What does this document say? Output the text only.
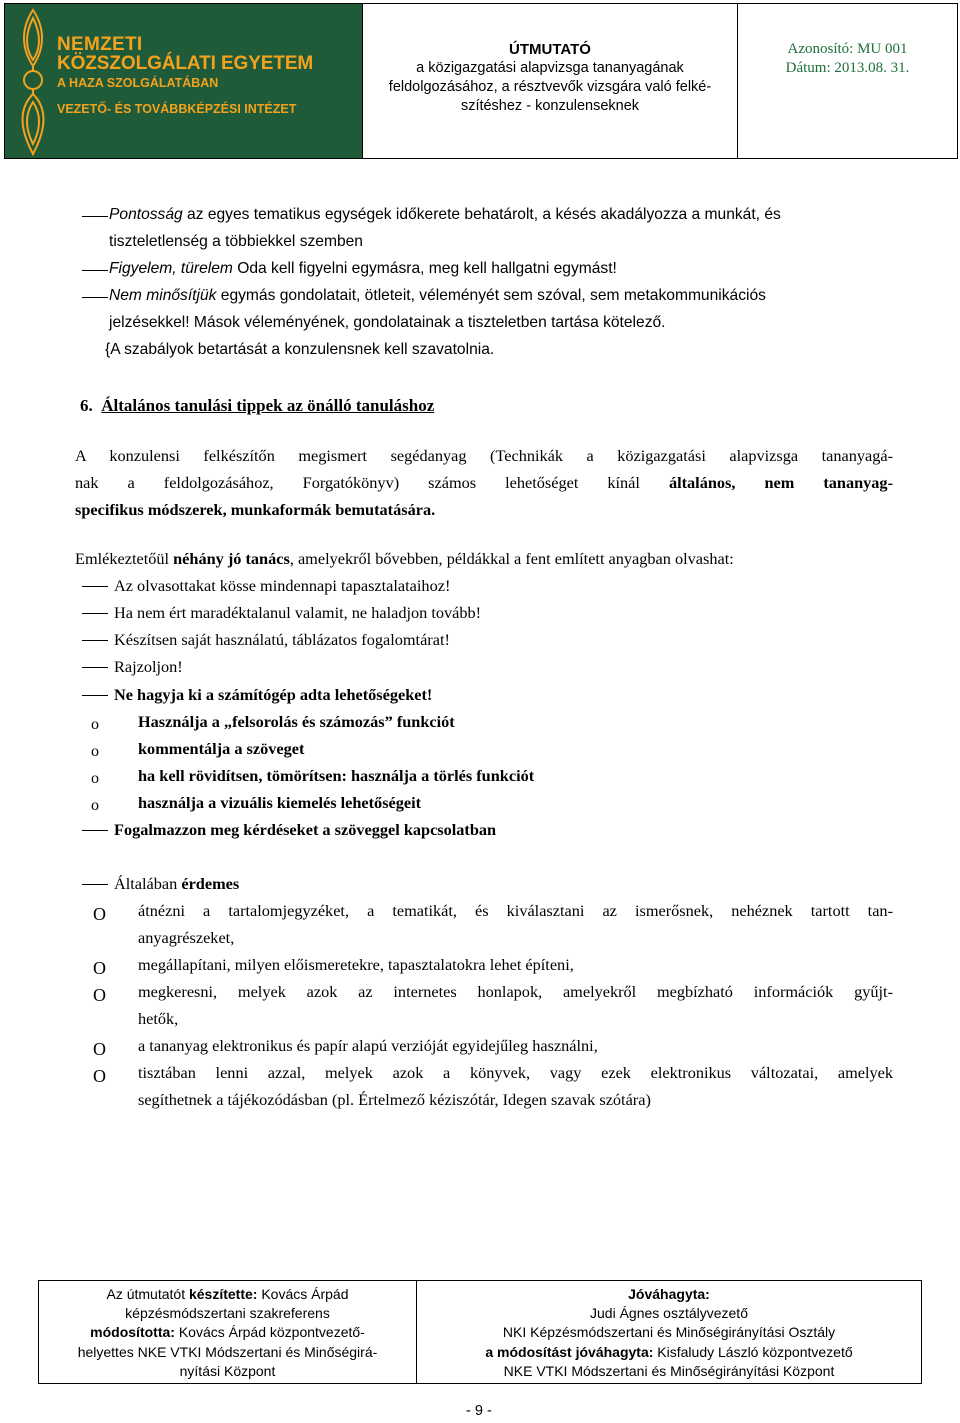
NEMZETI
KÖZSZOLGÁLATI EGYETEM
A HAZA SZOLGÁLATÁBAN
VEZETŐ- ÉS TOVÁBBKÉPZÉSI INTÉZET
ÚTMUTATÓ
a közigazgatási alapvizsga tananyagának
feldolgozásához, a résztvevők vizsgára való felké-
szítéshez - konzulenseknek
Azonosító: MU 001
Dátum: 2013.08. 31.
Pontosság az egyes tematikus egységek időkerete behatárolt, a késés akadályozza a munkát, és
tiszteletlenség a többiekkel szemben
Figyelem, türelem Oda kell figyelni egymásra, meg kell hallgatni egymást!
Nem minősítjük egymás gondolatait, ötleteit, véleményét sem szóval, sem metakommunikációs
jelzésekkel! Mások véleményének, gondolatainak a tiszteletben tartása kötelező.
{A szabályok betartását a konzulensnek kell szavatolnia.
6. Általános tanulási tippek az önálló tanuláshoz
A konzulensi felkészítőn megismert segédanyag (Technikák a közigazgatási alapvizsga tananyagá-
nak a feldolgozásához, Forgatókönyv) számos lehetőséget kínál általános, nem tananyag-
specifikus módszerek, munkaformák bemutatására.
Emlékeztetőül néhány jó tanács, amelyekről bővebben, példákkal a fent említett anyagban olvashat:
Az olvasottakat kösse mindennapi tapasztalataihoz!
Ha nem ért maradéktalanul valamit, ne haladjon tovább!
Készítsen saját használatú, táblázatos fogalomtárat!
Rajzoljon!
Ne hagyja ki a számítógép adta lehetőségeket!
o Használja a „felsorolás és számozás” funkciót
o kommentálja a szöveget
o ha kell rövidítsen, tömörítsen: használja a törlés funkciót
o használja a vizuális kiemelés lehetőségeit
Fogalmazzon meg kérdéseket a szöveggel kapcsolatban
Általában érdemes
O átnézni a tartalomjegyzéket, a tematikát, és kiválasztani az ismerősnek, nehéznek tartott tan-
anyagrészeket,
O megállapítani, milyen előismeretekre, tapasztalatokra lehet építeni,
O megkeresni, melyek azok az internetes honlapok, amelyekről megbízható információk gyűjt-
hetők,
O a tananyag elektronikus és papír alapú verzióját egyidejűleg használni,
O tisztában lenni azzal, melyek azok a könyvek, vagy ezek elektronikus változatai, amelyek
segíthetnek a tájékozódásban (pl. Értelmező kéziszótár, Idegen szavak szótára)
Az útmutatót készítette: Kovács Árpád
képzésmódszertani szakreferens
módosította: Kovács Árpád központvezető-
helyettes NKE VTKI Módszertani és Minőségirá-
nyítási Központ
Jóváhagyta:
Judi Ágnes osztályvezető
NKI Képzésmódszertani és Minőségirányítási Osztály
a módosítást jóváhagyta: Kisfaludy László központvezető
NKE VTKI Módszertani és Minőségirányítási Központ
- 9 -
